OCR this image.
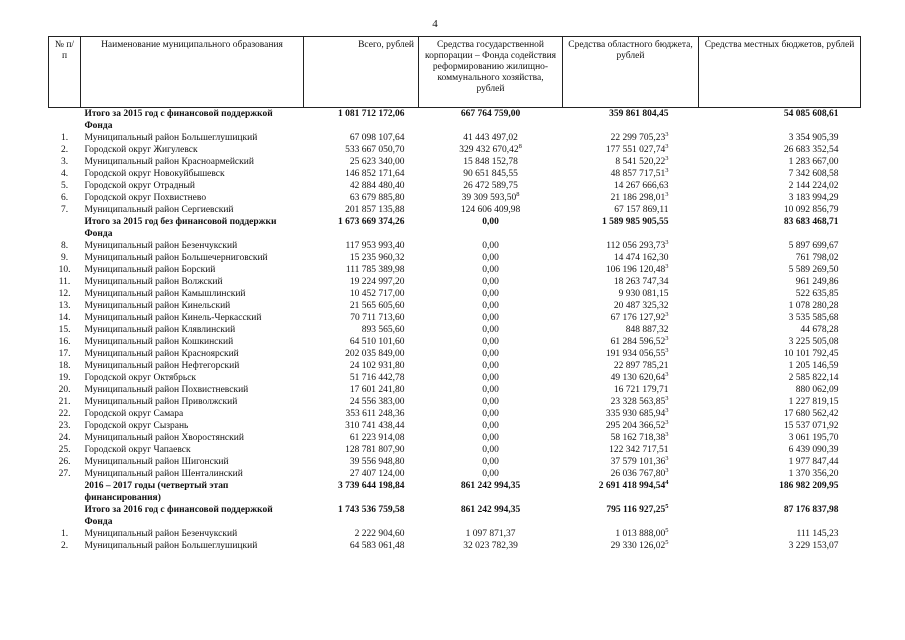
4
№ п/п	Наименование муниципального образования	Всего, рублей	Средства государственной корпорации – Фонда содействия реформированию жилищно-коммунального хозяйства, рублей	Средства областного бюджета, рублей	Средства местных бюджетов, рублей
	Итого за 2015 год с финансовой поддержкой Фонда	1 081 712 172,06	667 764 759,00	359 861 804,45	54 085 608,61
1.	Муниципальный район Большеглушицкий	67 098 107,64	41 443 497,02	22 299 705,23$^3$	3 354 905,39
2.	Городской округ Жигулевск	533 667 050,70	329 432 670,42$^8$	177 551 027,74$^3$	26 683 352,54
3.	Муниципальный район Красноармейский	25 623 340,00	15 848 152,78	8 541 520,22$^3$	1 283 667,00
4.	Городской округ Новокуйбышевск	146 852 171,64	90 651 845,55	48 857 717,51$^3$	7 342 608,58
5.	Городской округ Отрадный	42 884 480,40	26 472 589,75	14 267 666,63	2 144 224,02
6.	Городской округ Похвистнево	63 679 885,80	39 309 593,50$^8$	21 186 298,01$^3$	3 183 994,29
7.	Муниципальный район Сергиевский	201 857 135,88	124 606 409,98	67 157 869,11	10 092 856,79
	Итого за 2015 год без финансовой поддержки Фонда	1 673 669 374,26	0,00	1 589 985 905,55	83 683 468,71
8.	Муниципальный район Безенчукский	117 953 993,40	0,00	112 056 293,73$^3$	5 897 699,67
9.	Муниципальный район Большечерниговский	15 235 960,32	0,00	14 474 162,30	761 798,02
10.	Муниципальный район Борский	111 785 389,98	0,00	106 196 120,48$^3$	5 589 269,50
11.	Муниципальный район Волжский	19 224 997,20	0,00	18 263 747,34	961 249,86
12.	Муниципальный район Камышлинский	10 452 717,00	0,00	9 930 081,15	522 635,85
13.	Муниципальный район Кинельский	21 565 605,60	0,00	20 487 325,32	1 078 280,28
14.	Муниципальный район Кинель-Черкасский	70 711 713,60	0,00	67 176 127,92$^3$	3 535 585,68
15.	Муниципальный район Клявлинский	893 565,60	0,00	848 887,32	44 678,28
16.	Муниципальный район Кошкинский	64 510 101,60	0,00	61 284 596,52$^3$	3 225 505,08
17.	Муниципальный район Красноярский	202 035 849,00	0,00	191 934 056,55$^3$	10 101 792,45
18.	Муниципальный район Нефтегорский	24 102 931,80	0,00	22 897 785,21	1 205 146,59
19.	Городской округ Октябрьск	51 716 442,78	0,00	49 130 620,64$^3$	2 585 822,14
20.	Муниципальный район Похвистневский	17 601 241,80	0,00	16 721 179,71	880 062,09
21.	Муниципальный район Приволжский	24 556 383,00	0,00	23 328 563,85$^3$	1 227 819,15
22.	Городской округ Самара	353 611 248,36	0,00	335 930 685,94$^3$	17 680 562,42
23.	Городской округ Сызрань	310 741 438,44	0,00	295 204 366,52$^3$	15 537 071,92
24.	Муниципальный район Хворостянский	61 223 914,08	0,00	58 162 718,38$^3$	3 061 195,70
25.	Городской округ Чапаевск	128 781 807,90	0,00	122 342 717,51	6 439 090,39
26.	Муниципальный район Шигонский	39 556 948,80	0,00	37 579 101,36$^3$	1 977 847,44
27.	Муниципальный район Шенталинский	27 407 124,00	0,00	26 036 767,80$^3$	1 370 356,20
	2016 – 2017 годы (четвертый этап финансирования)	3 739 644 198,84	861 242 994,35	2 691 418 994,54$^4$	186 982 209,95
	Итого за 2016 год с финансовой поддержкой Фонда	1 743 536 759,58	861 242 994,35	795 116 927,25$^5$	87 176 837,98
1.	Муниципальный район Безенчукский	2 222 904,60	1 097 871,37	1 013 888,00$^5$	111 145,23
2.	Муниципальный район Большеглушицкий	64 583 061,48	32 023 782,39	29 330 126,02$^5$	3 229 153,07
